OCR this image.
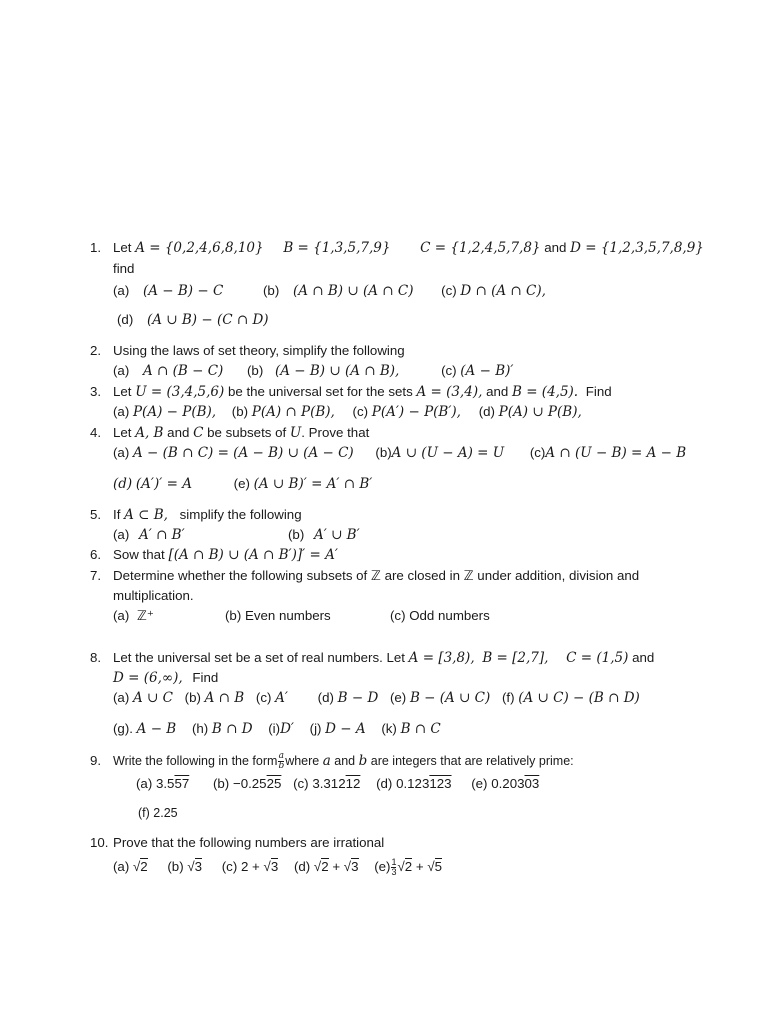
1. Let A = {0,2,4,6,8,10} B = {1,3,5,7,9} C = {1,2,4,5,7,8} and D = {1,2,3,5,7,8,9}
find
(a) (A − B) − C	(b) (A ∩ B) ∪ (A ∩ C) (c) D ∩ (A ∩ C),
(d) (A ∪ B) − (C ∩ D)
2. Using the laws of set theory, simplify the following
(a) A ∩ (B − C) (b) (A − B) ∪ (A ∩ B),	(c) (A − B)′
3. Let U = (3,4,5,6) be the universal set for the sets A = (3,4), and B = (4,5). Find
(a) P(A) − P(B), (b) P(A) ∩ P(B), (c) P(A′) − P(B′), (d) P(A) ∪ P(B),
4. Let A, B and C be subsets of U. Prove that
(a) A − (B ∩ C) = (A − B) ∪ (A − C) (b)A ∪ (U − A) = U (c)A ∩ (U − B) = A − B
(d) (A′)′ = A	(e) (A ∪ B)′ = A′ ∩ B′
5. If A ⊂ B, simplify the following
(a) A′ ∩ B′	(b) A′ ∪ B′
6. Sow that [(A ∩ B) ∪ (A ∩ B′)]′ = A′
7. Determine whether the following subsets of ℤ are closed in ℤ under addition, division and
multiplication.
(a) ℤ⁺	(b) Even numbers	(c) Odd numbers
8. Let the universal set be a set of real numbers. Let A = [3,8), B = [2,7], C = (1,5) and
D = (6,∞), Find
(a) A ∪ C (b) A ∩ B (c) A′ (d) B − D (e) B − (A ∪ C) (f) (A ∪ C) − (B ∩ D)
(g). A − B (h) B ∩ D (i)D′ (j) D − A (k) B ∩ C
9. Write the following in the form $\frac{a}{b}$ where a and b are integers that are relatively prime:
(a) 3.557 (b) −0.2525 (c) 3.31212 (d) 0.123123 (e) 0.20303
(f) 2.25
10. Prove that the following numbers are irrational
(a) √2 (b) √3 (c) 2 + √3 (d) √2 + √3 $(e) \frac{1}{3} √2 + √5$
